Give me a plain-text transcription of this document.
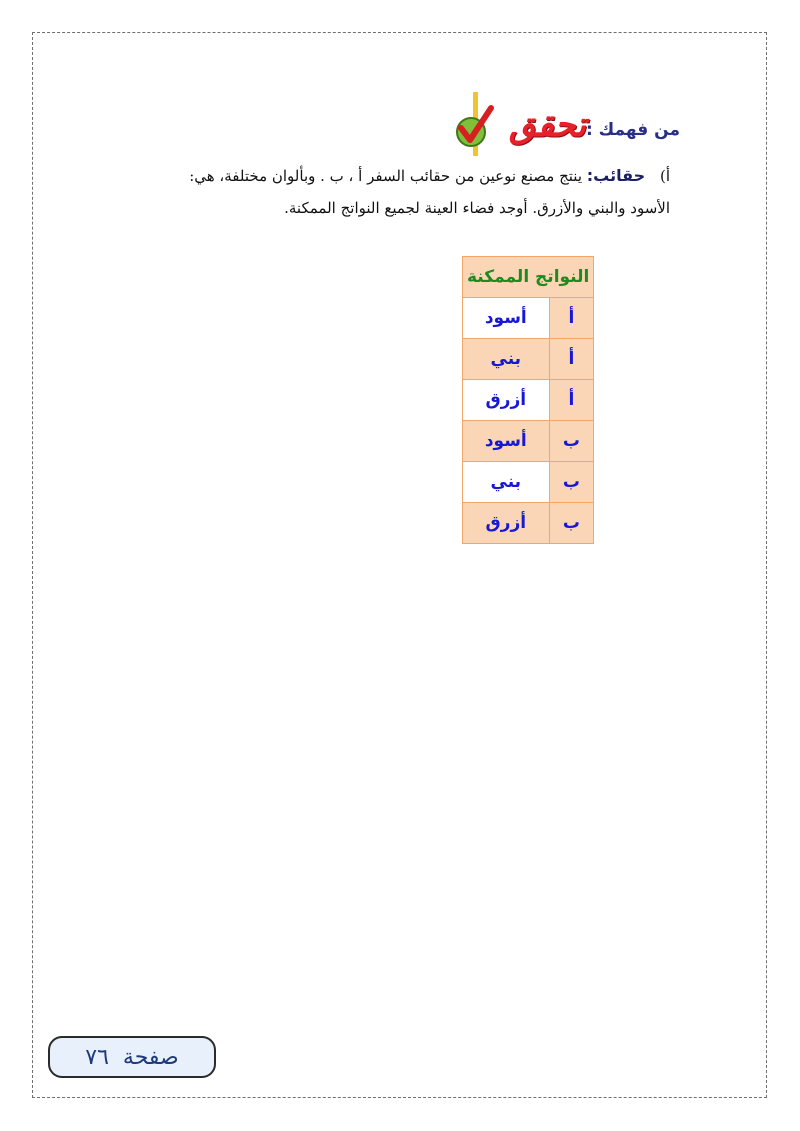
تحقق من فهمك :
أ) حقائب: ينتج مصنع نوعين من حقائب السفر أ ، ب . وبألوان مختلفة، هي:
الأسود والبني والأزرق. أوجد فضاء العينة لجميع النواتج الممكنة.
النواتج الممكنة	
أ	أسود
أ	بني
أ	أزرق
ب	أسود
ب	بني
ب	أزرق
صفحة
٧٦
